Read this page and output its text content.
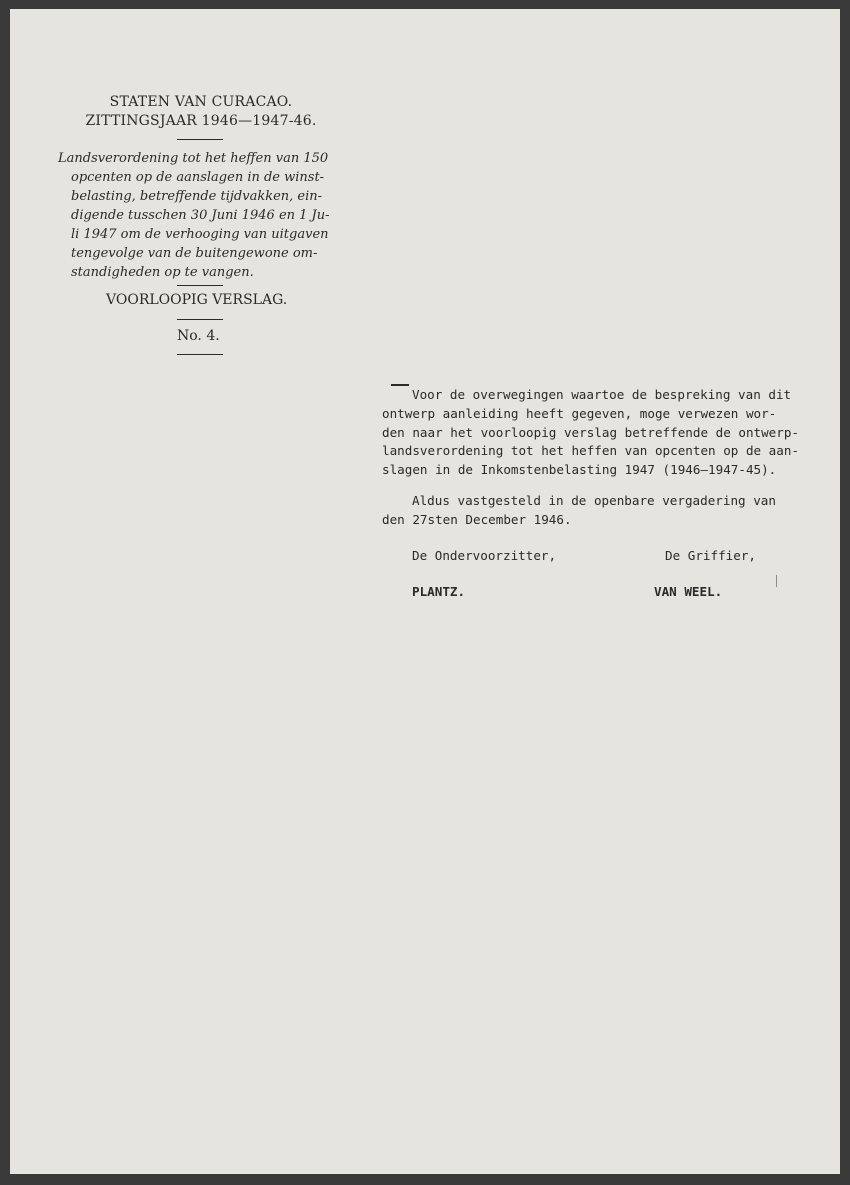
STATEN VAN CURACAO.
ZITTINGSJAAR 1946—1947-46.
Landsverordening tot het heffen van 150
opcenten op de aanslagen in de winst-
belasting, betreffende tijdvakken, ein-
digende tusschen 30 Juni 1946 en 1 Ju-
li 1947 om de verhooging van uitgaven
tengevolge van de buitengewone om-
standigheden op te vangen.
VOORLOOPIG VERSLAG.
No. 4.
Voor de overwegingen waartoe de bespreking van dit
ontwerp aanleiding heeft gegeven, moge verwezen wor-
den naar het voorloopig verslag betreffende de ontwerp-
landsverordening tot het heffen van opcenten op de aan-
slagen in de Inkomstenbelasting 1947 (1946—1947-45).
Aldus vastgesteld in de openbare vergadering van
den 27sten December 1946.
De Ondervoorzitter,	De Griffier,
PLANTZ.	VAN WEEL.
